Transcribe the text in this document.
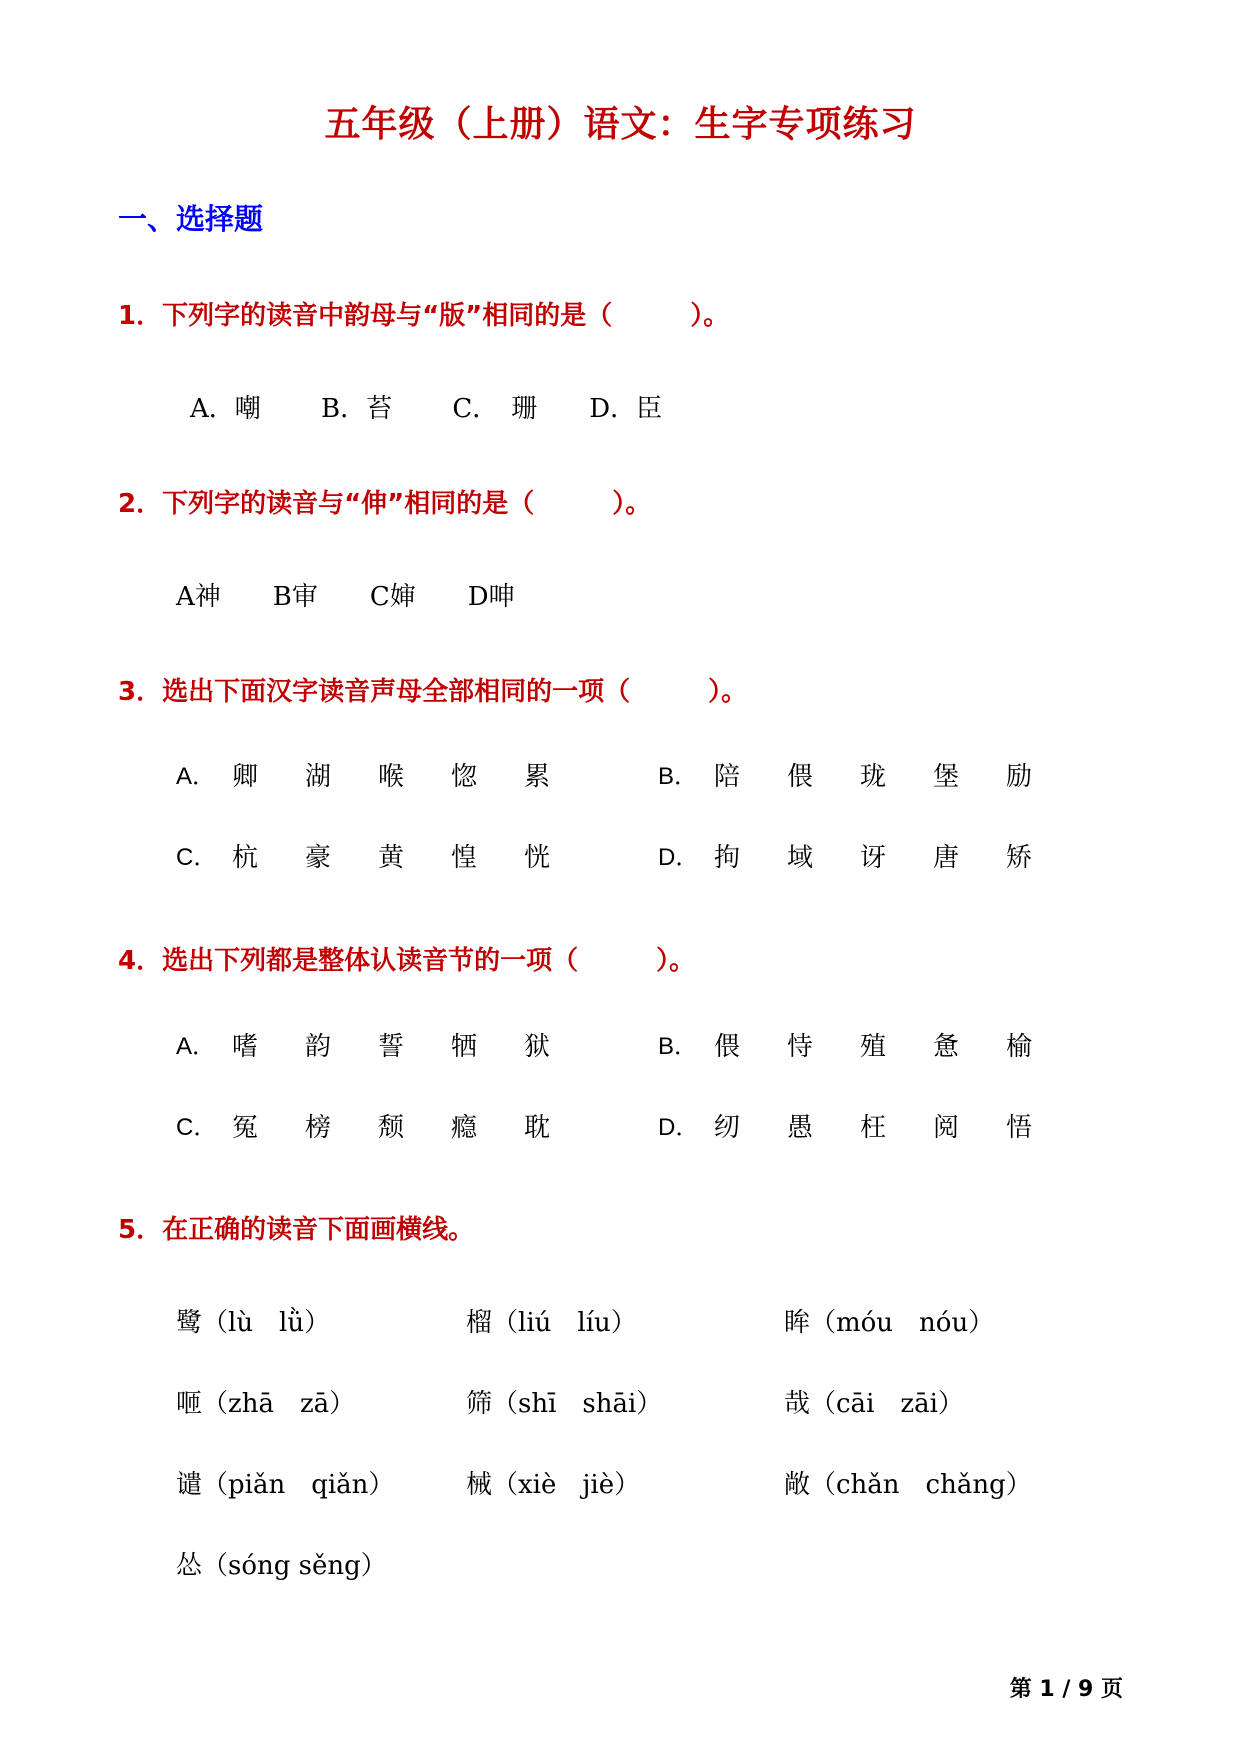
五年级（上册）语文：生字专项练习
一、选择题
1．下列字的读音中韵母与“版”相同的是（　　　）。
A．嘲　　 B．苔　　 C．　珊　　D．臣
2．下列字的读音与“伸”相同的是（　　　）。
A神　　B审　　C婶　　D呻
3．选出下面汉字读音声母全部相同的一项（　　　）。
A． 卿	湖	喉	惚	累	B． 陪	偎	珑	堡	励
C． 杭	豪	黄	惶	恍	D． 拘	域	讶	唐	矫
4．选出下列都是整体认读音节的一项（　　　）。
A． 嗜	韵	誓	牺	狱	B． 偎	恃	殖	惫	榆
C． 冤	榜	颓	瘾	耽	D． 纫	愚	枉	阅	悟
5．在正确的读音下面画横线。
鹭（lù　lǜ）	榴（liú　líu）	眸（móu　nóu）
咂（zhā　zā）	筛（shī　shāi）	哉（cāi　zāi）
谴（piǎn　qiǎn）	械（xiè　jiè）	敞（chǎn　chǎng）
怂（sóng sěng）
第 1 / 9 页
